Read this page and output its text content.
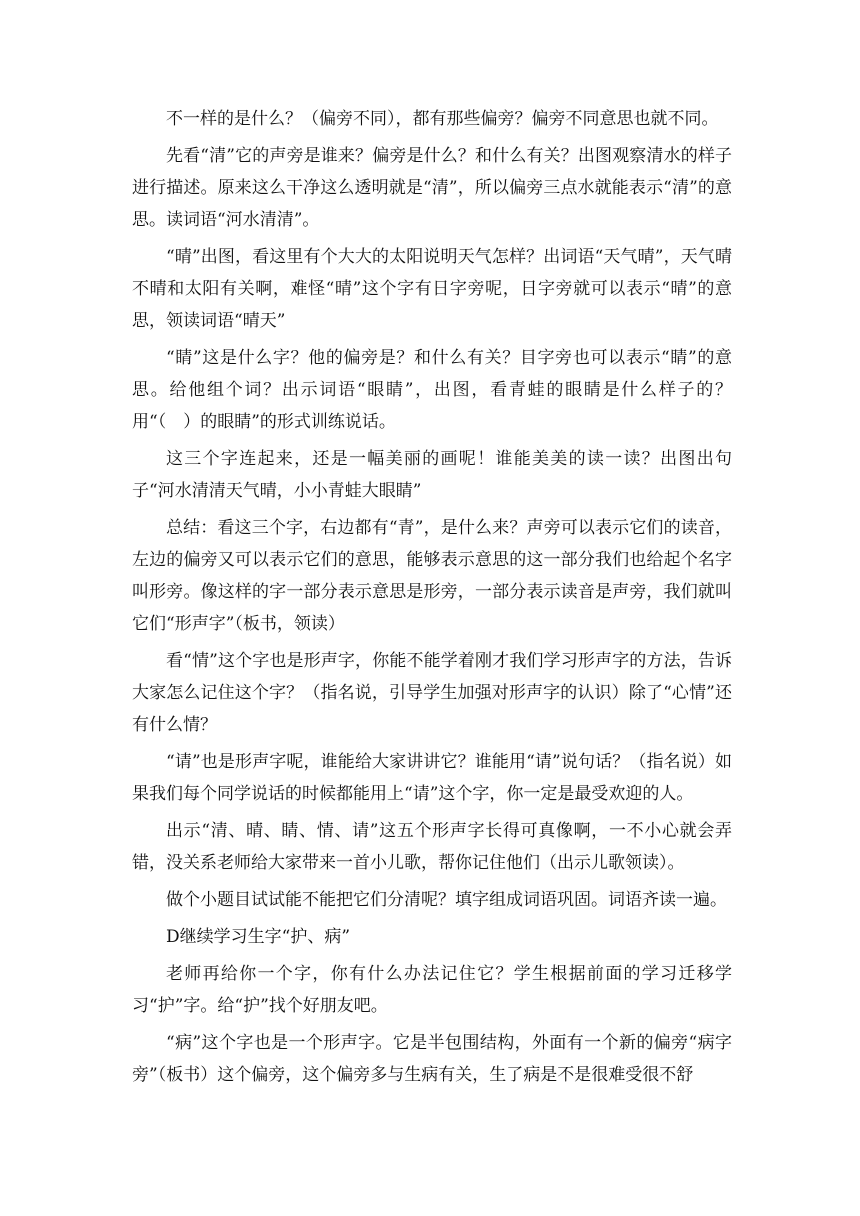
不一样的是什么？（偏旁不同），都有那些偏旁？偏旁不同意思也就不同。

先看“清”它的声旁是谁来？偏旁是什么？和什么有关？出图观察清水的样子进行描述。原来这么干净这么透明就是“清”，所以偏旁三点水就能表示“清”的意思。读词语“河水清清”。

“晴”出图，看这里有个大大的太阳说明天气怎样？出词语“天气晴”，天气晴不晴和太阳有关啊，难怪“晴”这个字有日字旁呢，日字旁就可以表示“晴”的意思，领读词语“晴天”

“睛”这是什么字？他的偏旁是？和什么有关？目字旁也可以表示“睛”的意思。给他组个词？出示词语“眼睛”，出图，看青蛙的眼睛是什么样子的？用“（　）的眼睛”的形式训练说话。

这三个字连起来，还是一幅美丽的画呢！谁能美美的读一读？出图出句子“河水清清天气晴，小小青蛙大眼睛”

总结：看这三个字，右边都有“青”，是什么来？声旁可以表示它们的读音，左边的偏旁又可以表示它们的意思，能够表示意思的这一部分我们也给起个名字叫形旁。像这样的字一部分表示意思是形旁，一部分表示读音是声旁，我们就叫它们“形声字”（板书，领读）

看“情”这个字也是形声字，你能不能学着刚才我们学习形声字的方法，告诉大家怎么记住这个字？（指名说，引导学生加强对形声字的认识）除了“心情”还有什么情？

“请”也是形声字呢，谁能给大家讲讲它？谁能用“请”说句话？（指名说）如果我们每个同学说话的时候都能用上“请”这个字，你一定是最受欢迎的人。

出示“清、晴、睛、情、请”这五个形声字长得可真像啊，一不小心就会弄错，没关系老师给大家带来一首小儿歌，帮你记住他们（出示儿歌领读）。

做个小题目试试能不能把它们分清呢？填字组成词语巩固。词语齐读一遍。

D继续学习生字“护、病”

老师再给你一个字，你有什么办法记住它？学生根据前面的学习迁移学习“护”字。给“护”找个好朋友吧。

“病”这个字也是一个形声字。它是半包围结构，外面有一个新的偏旁“病字旁”（板书）这个偏旁，这个偏旁多与生病有关，生了病是不是很难受很不舒
